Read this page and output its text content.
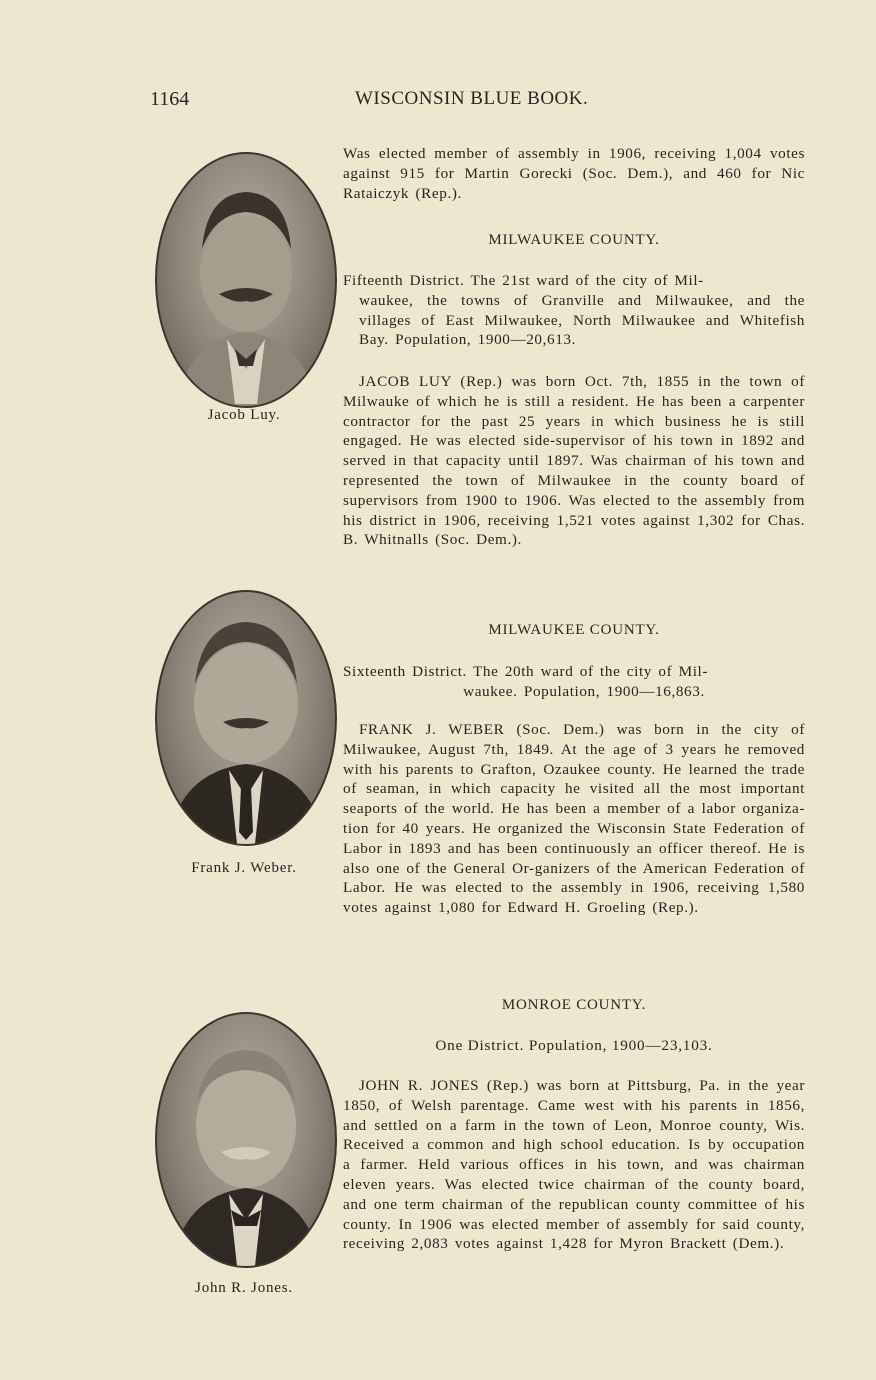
1164	WISCONSIN BLUE BOOK.
Was elected member of assembly in 1906, receiving 1,004 votes against 915 for Martin Gorecki (Soc. Dem.), and 460 for Nic Rataiczyk (Rep.).
Jacob Luy.
MILWAUKEE COUNTY.
Fifteenth District. The 21st ward of the city of Mil-
waukee, the towns of Granville and Milwaukee, and the villages of East Milwaukee, North Milwaukee and Whitefish Bay. Population, 1900—20,613.
JACOB LUY (Rep.) was born Oct. 7th, 1855 in the town of Milwauke of which he is still a resident. He has been a carpenter contractor for the past 25 years in which business he is still engaged. He was elected side-supervisor of his town in 1892 and served in that capacity until 1897. Was chairman of his town and represented the town of Milwaukee in the county board of supervisors from 1900 to 1906. Was elected to the assembly from his district in 1906, receiving 1,521 votes against 1,302 for Chas. B. Whitnalls (Soc. Dem.).
Frank J. Weber.
MILWAUKEE COUNTY.
Sixteenth District. The 20th ward of the city of Mil-
waukee. Population, 1900—16,863.
FRANK J. WEBER (Soc. Dem.) was born in the city of Milwaukee, August 7th, 1849. At the age of 3 years he removed with his parents to Grafton, Ozaukee county. He learned the trade of seaman, in which capacity he visited all the most important seaports of the world. He has been a member of a labor organiza-tion for 40 years. He organized the Wisconsin State Federation of Labor in 1893 and has been continuously an officer thereof. He is also one of the General Or-ganizers of the American Federation of Labor. He was elected to the assembly in 1906, receiving 1,580 votes against 1,080 for Edward H. Groeling (Rep.).
John R. Jones.
MONROE COUNTY.
One District. Population, 1900—23,103.
JOHN R. JONES (Rep.) was born at Pittsburg, Pa. in the year 1850, of Welsh parentage. Came west with his parents in 1856, and settled on a farm in the town of Leon, Monroe county, Wis. Received a common and high school education. Is by occupation a farmer. Held various offices in his town, and was chairman eleven years. Was elected twice chairman of the county board, and one term chairman of the republican county committee of his county. In 1906 was elected member of assembly for said county, receiving 2,083 votes against 1,428 for Myron Brackett (Dem.).
